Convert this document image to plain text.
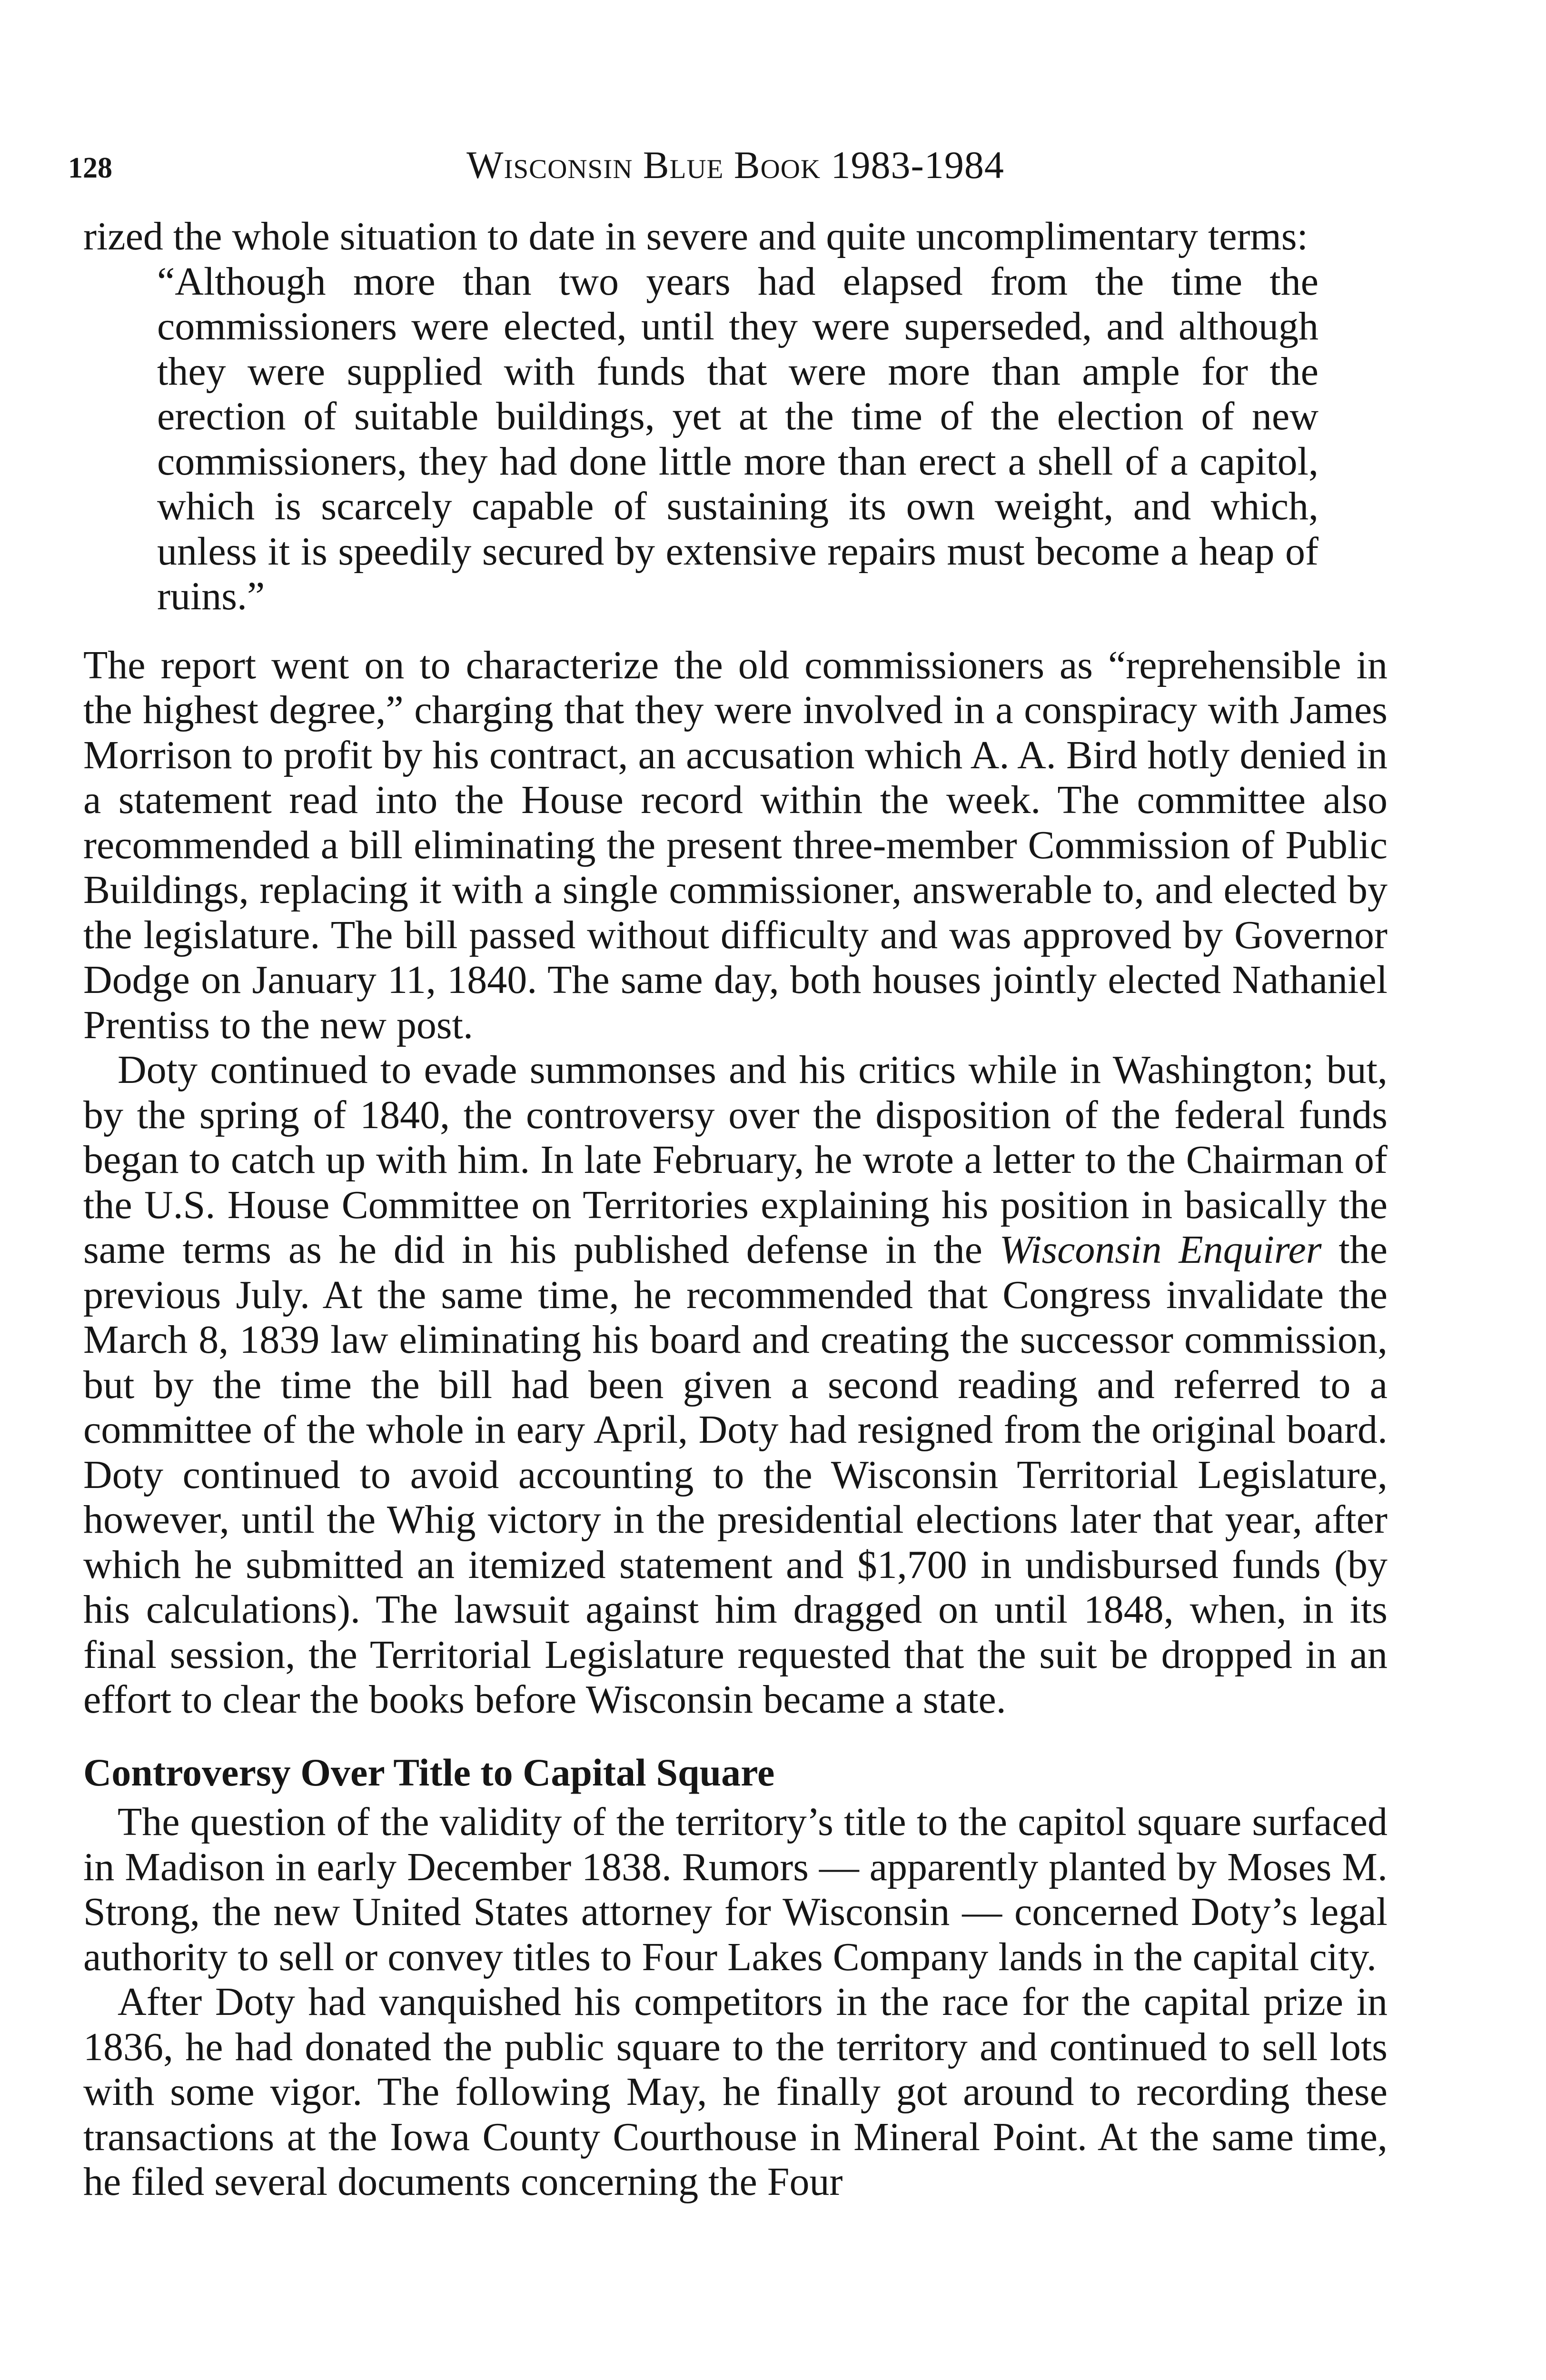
128	Wisconsin Blue Book 1983-1984

rized the whole situation to date in severe and quite uncomplimentary terms:

“Although more than two years had elapsed from the time the commissioners were elected, until they were superseded, and although they were supplied with funds that were more than ample for the erection of suitable buildings, yet at the time of the election of new commissioners, they had done little more than erect a shell of a capitol, which is scarcely capable of sustaining its own weight, and which, unless it is speedily secured by extensive repairs must become a heap of ruins.”

The report went on to characterize the old commissioners as “reprehensible in the highest degree,” charging that they were involved in a conspiracy with James Morrison to profit by his contract, an accusation which A. A. Bird hotly denied in a statement read into the House record within the week. The committee also recommended a bill eliminating the present three-member Commission of Public Buildings, replacing it with a single commissioner, answerable to, and elected by the legislature. The bill passed without difficulty and was approved by Governor Dodge on January 11, 1840. The same day, both houses jointly elected Nathaniel Prentiss to the new post.

Doty continued to evade summonses and his critics while in Washington; but, by the spring of 1840, the controversy over the disposition of the federal funds began to catch up with him. In late February, he wrote a letter to the Chairman of the U.S. House Committee on Territories explaining his position in basically the same terms as he did in his published defense in the Wisconsin Enquirer the previous July. At the same time, he recommended that Congress invalidate the March 8, 1839 law eliminating his board and creating the successor commission, but by the time the bill had been given a second reading and referred to a committee of the whole in eary April, Doty had resigned from the original board. Doty continued to avoid accounting to the Wisconsin Territorial Legislature, however, until the Whig victory in the presidential elections later that year, after which he submitted an itemized statement and $1,700 in undisbursed funds (by his calculations). The lawsuit against him dragged on until 1848, when, in its final session, the Territorial Legislature requested that the suit be dropped in an effort to clear the books before Wisconsin became a state.

Controversy Over Title to Capital Square

The question of the validity of the territory’s title to the capitol square surfaced in Madison in early December 1838. Rumors — apparently planted by Moses M. Strong, the new United States attorney for Wisconsin — concerned Doty’s legal authority to sell or convey titles to Four Lakes Company lands in the capital city.

After Doty had vanquished his competitors in the race for the capital prize in 1836, he had donated the public square to the territory and continued to sell lots with some vigor. The following May, he finally got around to recording these transactions at the Iowa County Courthouse in Mineral Point. At the same time, he filed several documents concerning the Four
